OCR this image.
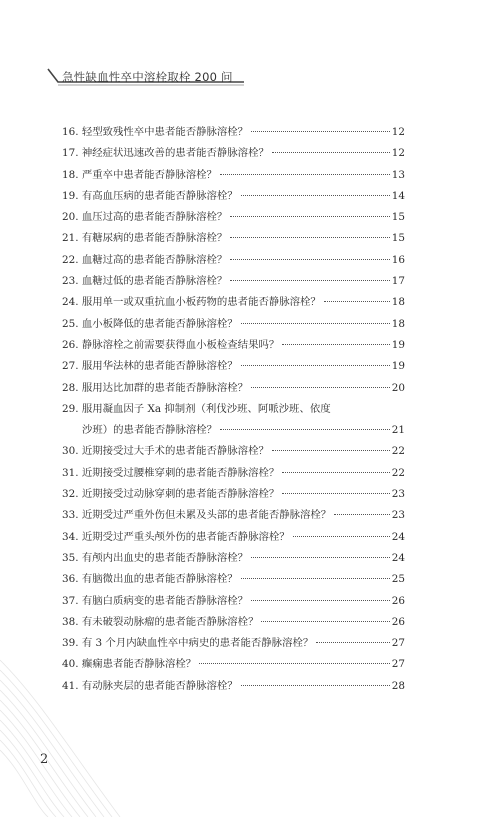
急性缺血性卒中溶栓取栓 200 问
16. 轻型致残性卒中患者能否静脉溶栓？	12
17. 神经症状迅速改善的患者能否静脉溶栓？	12
18. 严重卒中患者能否静脉溶栓？	13
19. 有高血压病的患者能否静脉溶栓？	14
20. 血压过高的患者能否静脉溶栓？	15
21. 有糖尿病的患者能否静脉溶栓？	15
22. 血糖过高的患者能否静脉溶栓？	16
23. 血糖过低的患者能否静脉溶栓？	17
24. 服用单一或双重抗血小板药物的患者能否静脉溶栓？	18
25. 血小板降低的患者能否静脉溶栓？	18
26. 静脉溶栓之前需要获得血小板检查结果吗？	19
27. 服用华法林的患者能否静脉溶栓？	19
28. 服用达比加群的患者能否静脉溶栓？	20
29. 服用凝血因子 Xa 抑制剂（利伐沙班、阿哌沙班、依度
沙班）的患者能否静脉溶栓？	21
30. 近期接受过大手术的患者能否静脉溶栓？	22
31. 近期接受过腰椎穿刺的患者能否静脉溶栓？	22
32. 近期接受过动脉穿刺的患者能否静脉溶栓？	23
33. 近期受过严重外伤但未累及头部的患者能否静脉溶栓？	23
34. 近期受过严重头颅外伤的患者能否静脉溶栓？	24
35. 有颅内出血史的患者能否静脉溶栓？	24
36. 有脑微出血的患者能否静脉溶栓？	25
37. 有脑白质病变的患者能否静脉溶栓？	26
38. 有未破裂动脉瘤的患者能否静脉溶栓？	26
39. 有 3 个月内缺血性卒中病史的患者能否静脉溶栓？	27
40. 癫痫患者能否静脉溶栓？	27
41. 有动脉夹层的患者能否静脉溶栓？	28
2
